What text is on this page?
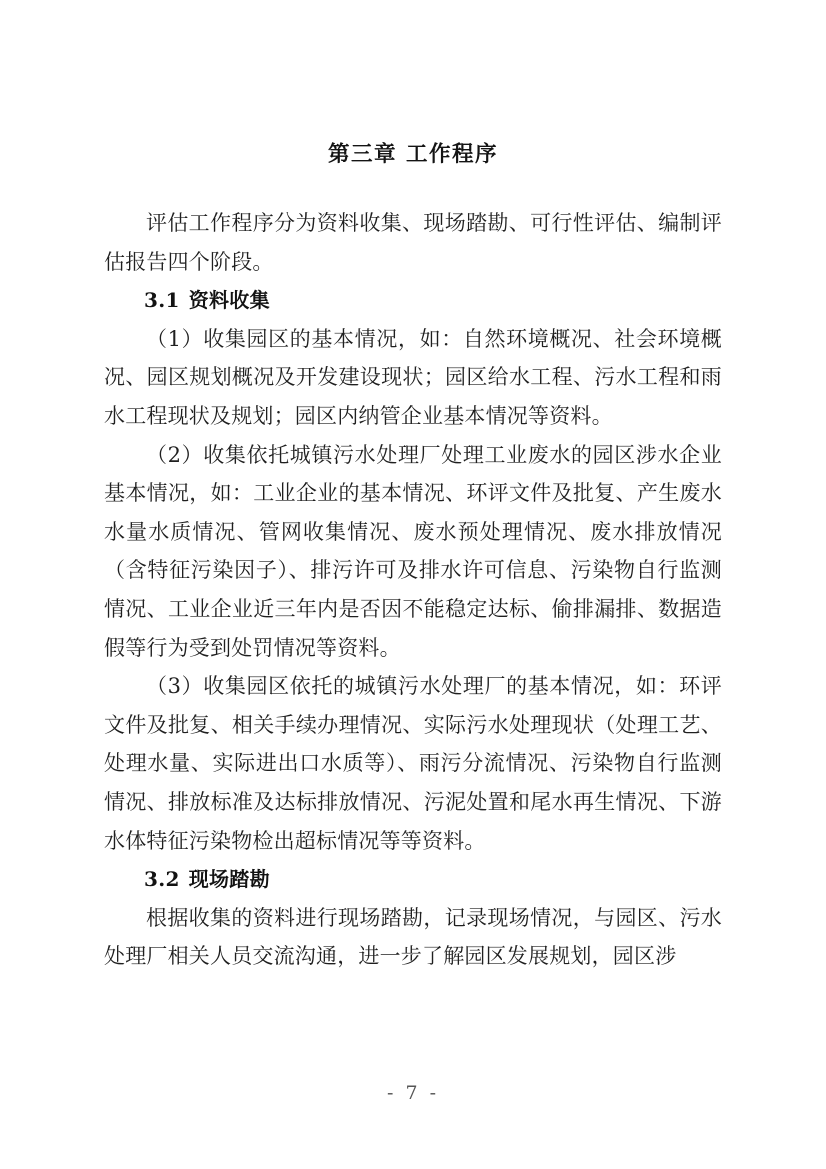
第三章 工作程序

评估工作程序分为资料收集、现场踏勘、可行性评估、编制评估报告四个阶段。

3.1 资料收集

（1）收集园区的基本情况，如：自然环境概况、社会环境概况、园区规划概况及开发建设现状；园区给水工程、污水工程和雨水工程现状及规划；园区内纳管企业基本情况等资料。

（2）收集依托城镇污水处理厂处理工业废水的园区涉水企业基本情况，如：工业企业的基本情况、环评文件及批复、产生废水水量水质情况、管网收集情况、废水预处理情况、废水排放情况（含特征污染因子）、排污许可及排水许可信息、污染物自行监测情况、工业企业近三年内是否因不能稳定达标、偷排漏排、数据造假等行为受到处罚情况等资料。

（3）收集园区依托的城镇污水处理厂的基本情况，如：环评文件及批复、相关手续办理情况、实际污水处理现状（处理工艺、处理水量、实际进出口水质等）、雨污分流情况、污染物自行监测情况、排放标准及达标排放情况、污泥处置和尾水再生情况、下游水体特征污染物检出超标情况等等资料。

3.2 现场踏勘

根据收集的资料进行现场踏勘，记录现场情况，与园区、污水处理厂相关人员交流沟通，进一步了解园区发展规划，园区涉

- 7 -
